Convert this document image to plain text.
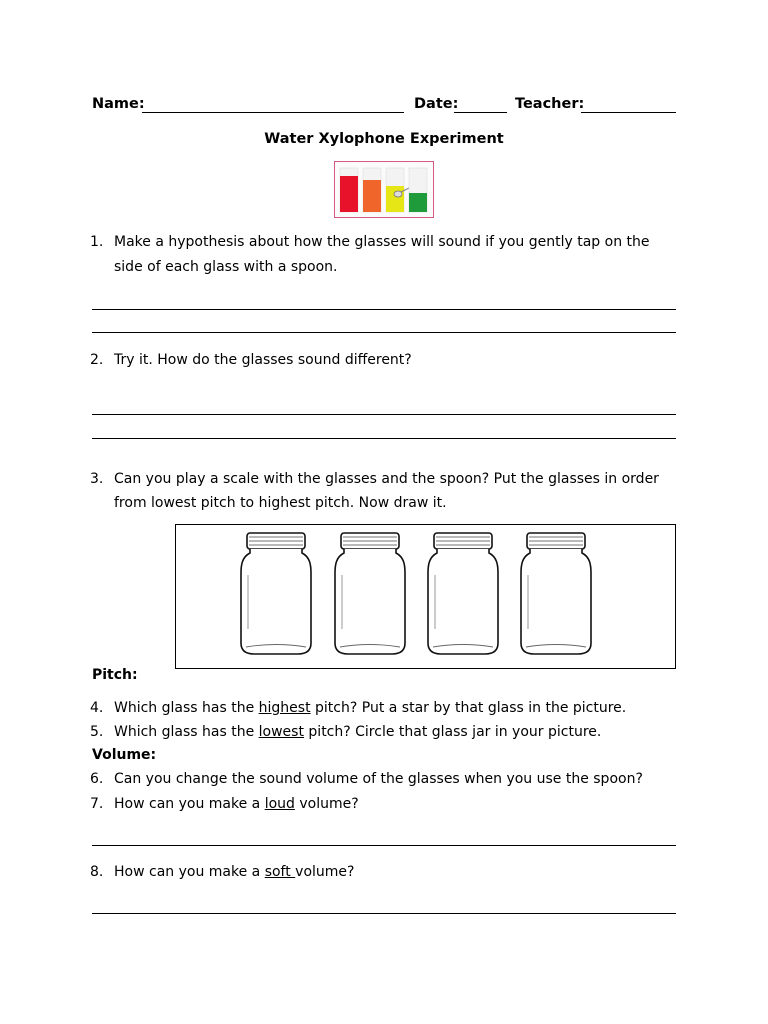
Name:	Date:	Teacher:
Water Xylophone Experiment
1. Make a hypothesis about how the glasses will sound if you gently tap on the
side of each glass with a spoon.
2. Try it. How do the glasses sound different?
3. Can you play a scale with the glasses and the spoon? Put the glasses in order
from lowest pitch to highest pitch. Now draw it.
Pitch:
4. Which glass has the highest pitch? Put a star by that glass in the picture.
5. Which glass has the lowest pitch? Circle that glass jar in your picture.
Volume:
6. Can you change the sound volume of the glasses when you use the spoon?
7. How can you make a loud volume?
8. How can you make a soft volume?
